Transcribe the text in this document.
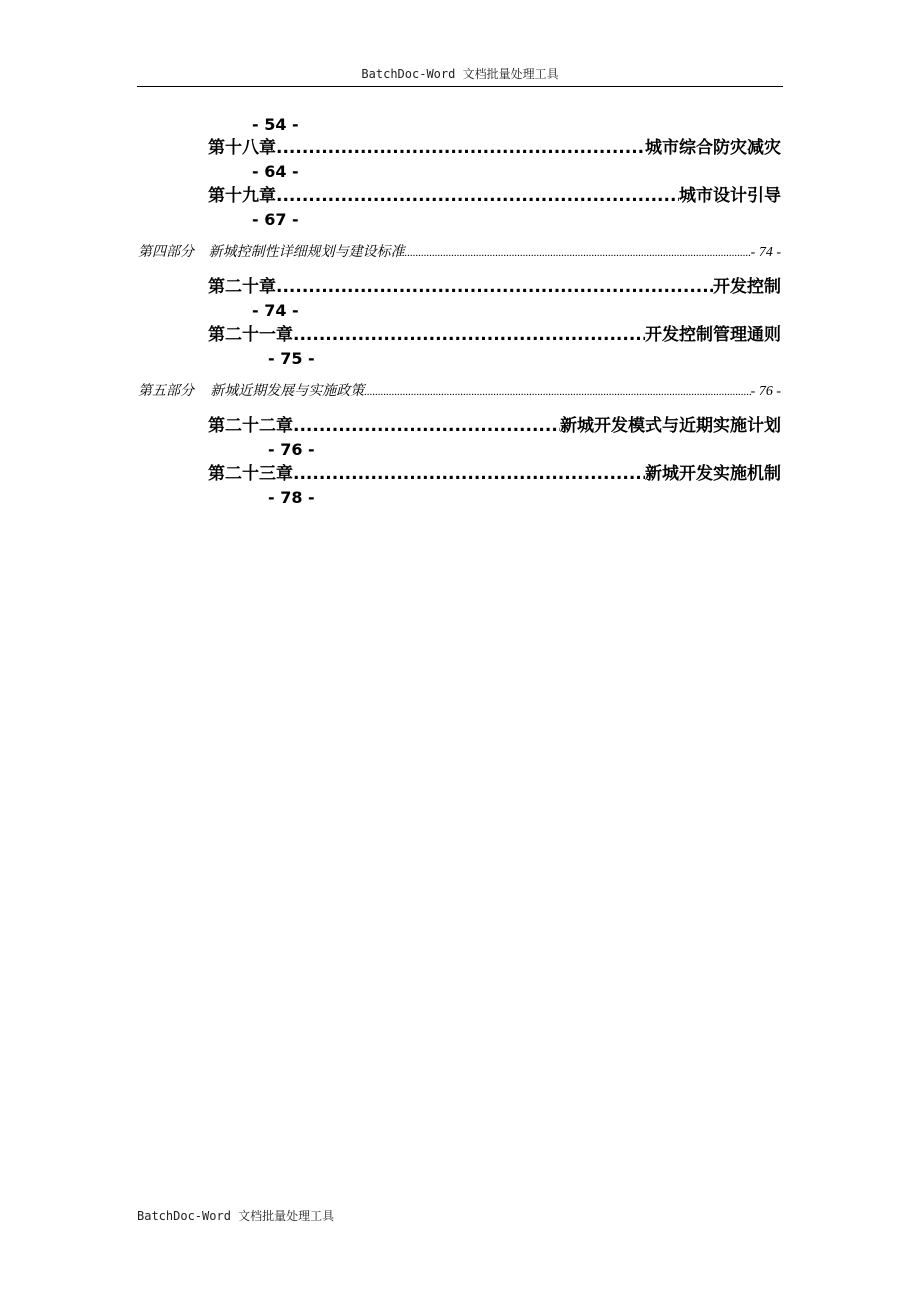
BatchDoc-Word 文档批量处理工具
- 54 -
第十八章 .....	城市综合防灾减灾
- 64 -
第十九章 .....	城市设计引导
- 67 -
第四部分 新城控制性详细规划与建设标准 .....	- 74 -
第二十章 .....	开发控制
- 74 -
第二十一章 .....	开发控制管理通则
- 75 -
第五部分 新城近期发展与实施政策 .....	- 76 -
第二十二章 .....	新城开发模式与近期实施计划
- 76 -
第二十三章 .....	新城开发实施机制
- 78 -
BatchDoc-Word 文档批量处理工具
